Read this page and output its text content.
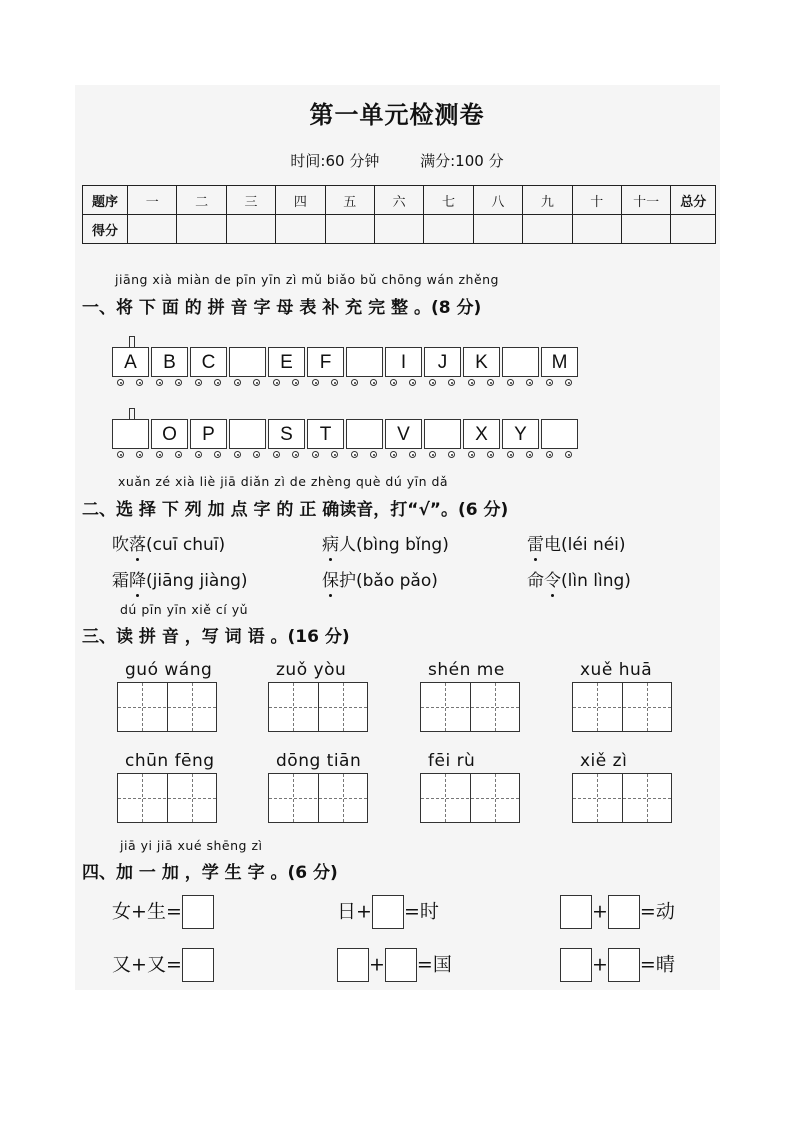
第一单元检测卷
时间:60 分钟	满分:100 分
题序	一	二	三	四	五	六	七	八	九	十	十一	总分
得分												
jiāng xià miàn de pīn yīn zì mǔ biǎo bǔ chōng wán zhěng
一、将 下 面 的 拼 音 字 母 表 补 充 完 整 。(8 分)
A	B	C	E	F	I	J	K	M
O	P	S	T	V	X	Y
xuǎn zé xià liè jiā diǎn zì de zhèng què dú yīn dǎ
二、选 择 下 列 加 点 字 的 正 确读音，打“√”。(6 分)
吹落(cuī chuī)	病人(bìng bǐng)	雷电(léi néi)
霜降(jiāng jiàng)	保护(bǎo pǎo)	命令(lìn lìng)
dú pīn yīn xiě cí yǔ
三、读 拼 音 ，写 词 语 。(16 分)
guó wáng	zuǒ yòu	shén me	xuě huā
chūn fēng	dōng tiān	fēi rù	xiě zì
jiā yi jiā xué shēng zì
四、加 一 加 ，学 生 字 。(6 分)
女+生=	日+ =时	+ =动
又+又=	+ =国	+ =晴
